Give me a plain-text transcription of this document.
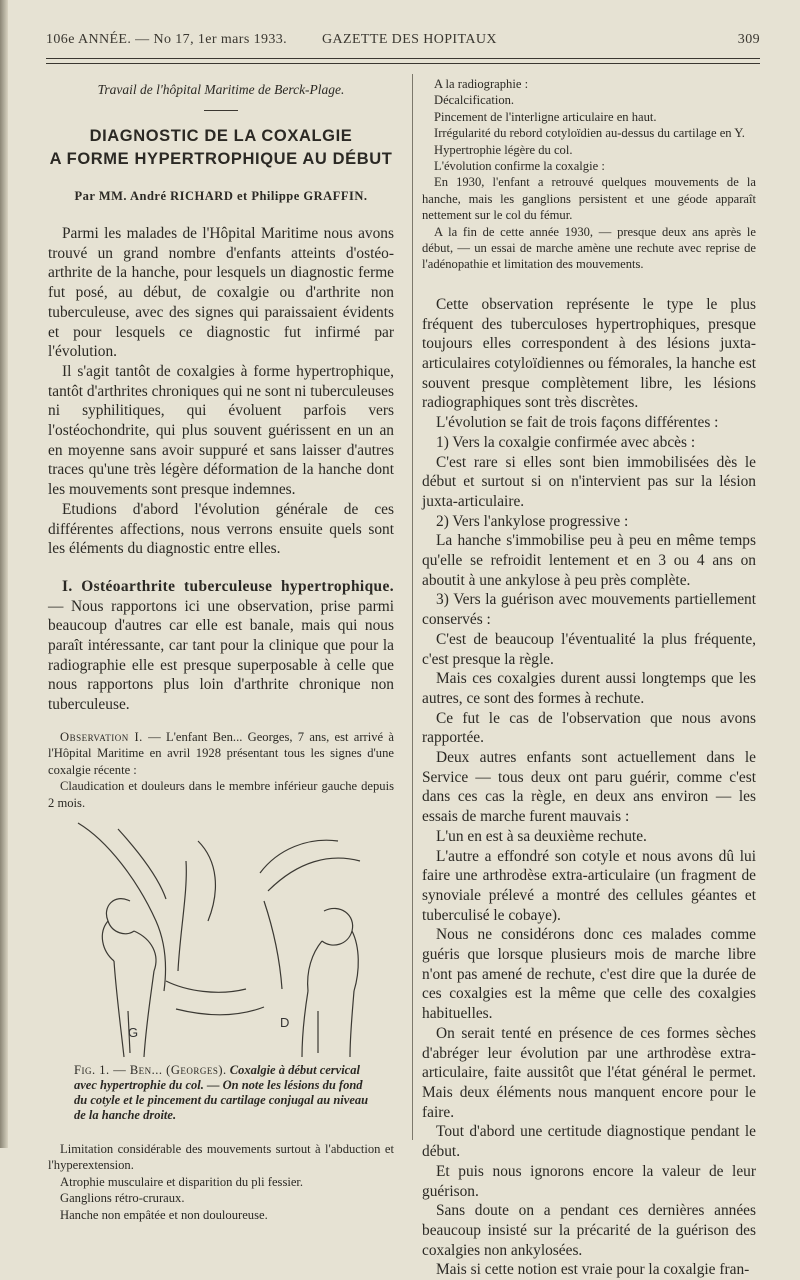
106e ANNÉE. — No 17, 1er mars 1933. GAZETTE DES HOPITAUX	309

Travail de l'hôpital Maritime de Berck-Plage.

DIAGNOSTIC DE LA COXALGIE
A FORME HYPERTROPHIQUE AU DÉBUT

Par MM. André RICHARD et Philippe GRAFFIN.

Parmi les malades de l'Hôpital Maritime nous avons trouvé un grand nombre d'enfants atteints d'ostéo-arthrite de la hanche, pour lesquels un diagnostic ferme fut posé, au début, de coxalgie ou d'arthrite non tuberculeuse, avec des signes qui paraissaient évidents et pour lesquels ce diagnostic fut infirmé par l'évolution.

Il s'agit tantôt de coxalgies à forme hypertrophique, tantôt d'arthrites chroniques qui ne sont ni tuberculeuses ni syphilitiques, qui évoluent parfois vers l'ostéochondrite, qui plus souvent guérissent en un an en moyenne sans avoir suppuré et sans laisser d'autres traces qu'une très légère déformation de la hanche dont les mouvements sont presque indemnes.

Etudions d'abord l'évolution générale de ces différentes affections, nous verrons ensuite quels sont les éléments du diagnostic entre elles.

I. Ostéoarthrite tuberculeuse hypertrophique. — Nous rapportons ici une observation, prise parmi beaucoup d'autres car elle est banale, mais qui nous paraît intéressante, car tant pour la clinique que pour la radiographie elle est presque superposable à celle que nous rapportons plus loin d'arthrite chronique non tuberculeuse.

Observation I. — L'enfant Ben... Georges, 7 ans, est arrivé à l'Hôpital Maritime en avril 1928 présentant tous les signes d'une coxalgie récente :

Claudication et douleurs dans le membre inférieur gauche depuis 2 mois.

G
D

Fig. 1. — Ben... (Georges). Coxalgie à début cervical avec hypertrophie du col. — On note les lésions du fond du cotyle et le pincement du cartilage conjugal au niveau de la hanche droite.

Limitation considérable des mouvements surtout à l'abduction et l'hyperextension.

Atrophie musculaire et disparition du pli fessier.

Ganglions rétro-cruraux.

Hanche non empâtée et non douloureuse.

A la radiographie :

Décalcification.

Pincement de l'interligne articulaire en haut.

Irrégularité du rebord cotyloïdien au-dessus du cartilage en Y.

Hypertrophie légère du col.

L'évolution confirme la coxalgie :

En 1930, l'enfant a retrouvé quelques mouvements de la hanche, mais les ganglions persistent et une géode apparaît nettement sur le col du fémur.

A la fin de cette année 1930, — presque deux ans après le début, — un essai de marche amène une rechute avec reprise de l'adénopathie et limitation des mouvements.

Cette observation représente le type le plus fréquent des tuberculoses hypertrophiques, presque toujours elles correspondent à des lésions juxta-articulaires cotyloïdiennes ou fémorales, la hanche est souvent presque complètement libre, les lésions radiographiques sont très discrètes.

L'évolution se fait de trois façons différentes :

1) Vers la coxalgie confirmée avec abcès :

C'est rare si elles sont bien immobilisées dès le début et surtout si on n'intervient pas sur la lésion juxta-articulaire.

2) Vers l'ankylose progressive :

La hanche s'immobilise peu à peu en même temps qu'elle se refroidit lentement et en 3 ou 4 ans on aboutit à une ankylose à peu près complète.

3) Vers la guérison avec mouvements partiellement conservés :

C'est de beaucoup l'éventualité la plus fréquente, c'est presque la règle.

Mais ces coxalgies durent aussi longtemps que les autres, ce sont des formes à rechute.

Ce fut le cas de l'observation que nous avons rapportée.

Deux autres enfants sont actuellement dans le Service — tous deux ont paru guérir, comme c'est dans ces cas la règle, en deux ans environ — les essais de marche furent mauvais :

L'un en est à sa deuxième rechute.

L'autre a effondré son cotyle et nous avons dû lui faire une arthrodèse extra-articulaire (un fragment de synoviale prélevé a montré des cellules géantes et tuberculisé le cobaye).

Nous ne considérons donc ces malades comme guéris que lorsque plusieurs mois de marche libre n'ont pas amené de rechute, c'est dire que la durée de ces coxalgies est la même que celle des coxalgies habituelles.

On serait tenté en présence de ces formes sèches d'abréger leur évolution par une arthrodèse extra-articulaire, faite aussitôt que l'état général le permet. Mais deux éléments nous manquent encore pour le faire.

Tout d'abord une certitude diagnostique pendant le début.

Et puis nous ignorons encore la valeur de leur guérison.

Sans doute on a pendant ces dernières années beaucoup insisté sur la précarité de la guérison des coxalgies non ankylosées.

Mais si cette notion est vraie pour la coxalgie fran-
